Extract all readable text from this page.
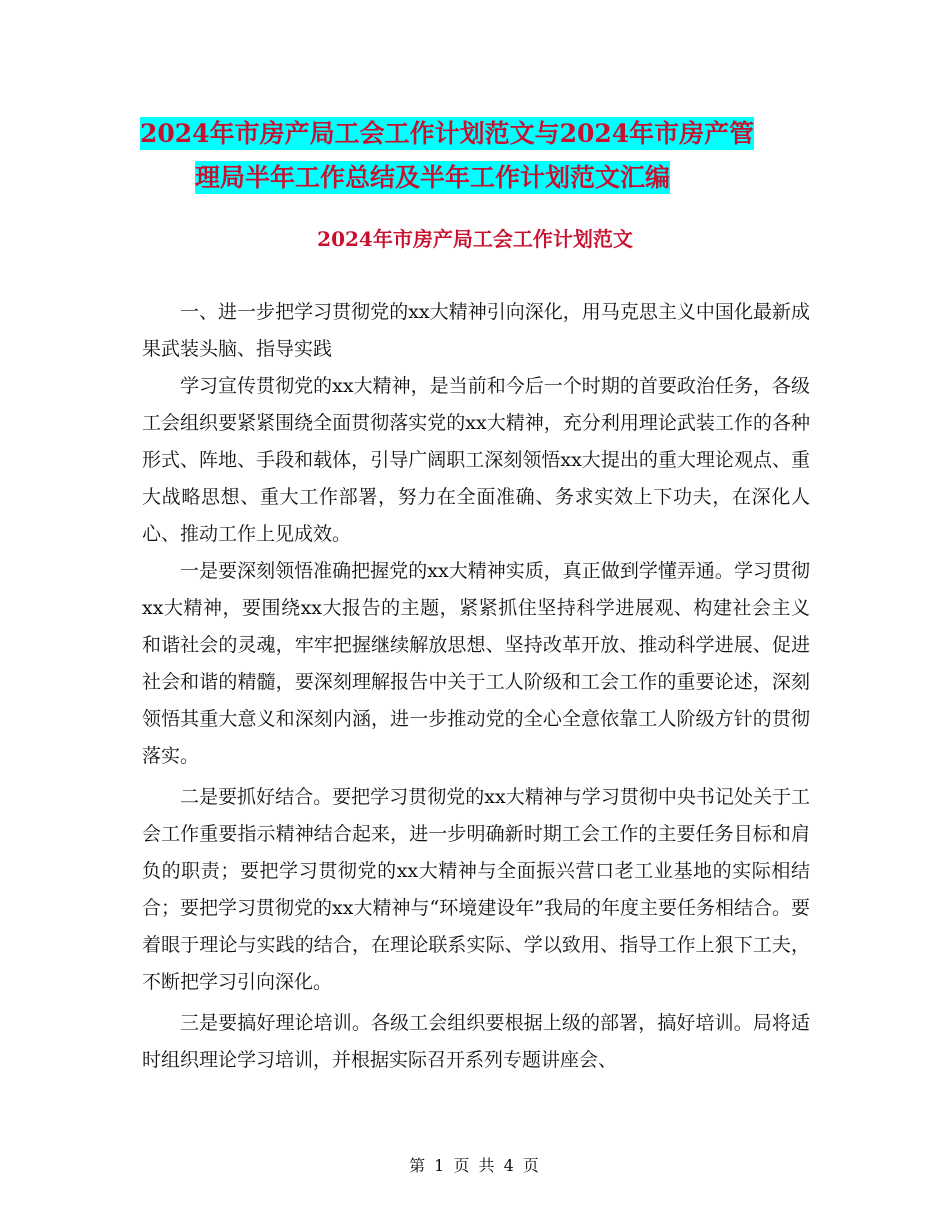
2024年市房产局工会工作计划范文与2024年市房产管
理局半年工作总结及半年工作计划范文汇编
2024年市房产局工会工作计划范文

一、进一步把学习贯彻党的xx大精神引向深化，用马克思主义中国化最新成果武装头脑、指导实践

学习宣传贯彻党的xx大精神，是当前和今后一个时期的首要政治任务，各级工会组织要紧紧围绕全面贯彻落实党的xx大精神，充分利用理论武装工作的各种形式、阵地、手段和载体，引导广阔职工深刻领悟xx大提出的重大理论观点、重大战略思想、重大工作部署，努力在全面准确、务求实效上下功夫，在深化人心、推动工作上见成效。

一是要深刻领悟准确把握党的xx大精神实质，真正做到学懂弄通。学习贯彻xx大精神，要围绕xx大报告的主题，紧紧抓住坚持科学进展观、构建社会主义和谐社会的灵魂，牢牢把握继续解放思想、坚持改革开放、推动科学进展、促进社会和谐的精髓，要深刻理解报告中关于工人阶级和工会工作的重要论述，深刻领悟其重大意义和深刻内涵，进一步推动党的全心全意依靠工人阶级方针的贯彻落实。

二是要抓好结合。要把学习贯彻党的xx大精神与学习贯彻中央书记处关于工会工作重要指示精神结合起来，进一步明确新时期工会工作的主要任务目标和肩负的职责；要把学习贯彻党的xx大精神与全面振兴营口老工业基地的实际相结合；要把学习贯彻党的xx大精神与“环境建设年”我局的年度主要任务相结合。要着眼于理论与实践的结合，在理论联系实际、学以致用、指导工作上狠下工夫，不断把学习引向深化。

三是要搞好理论培训。各级工会组织要根据上级的部署，搞好培训。局将适时组织理论学习培训，并根据实际召开系列专题讲座会、

第 1 页 共 4 页
